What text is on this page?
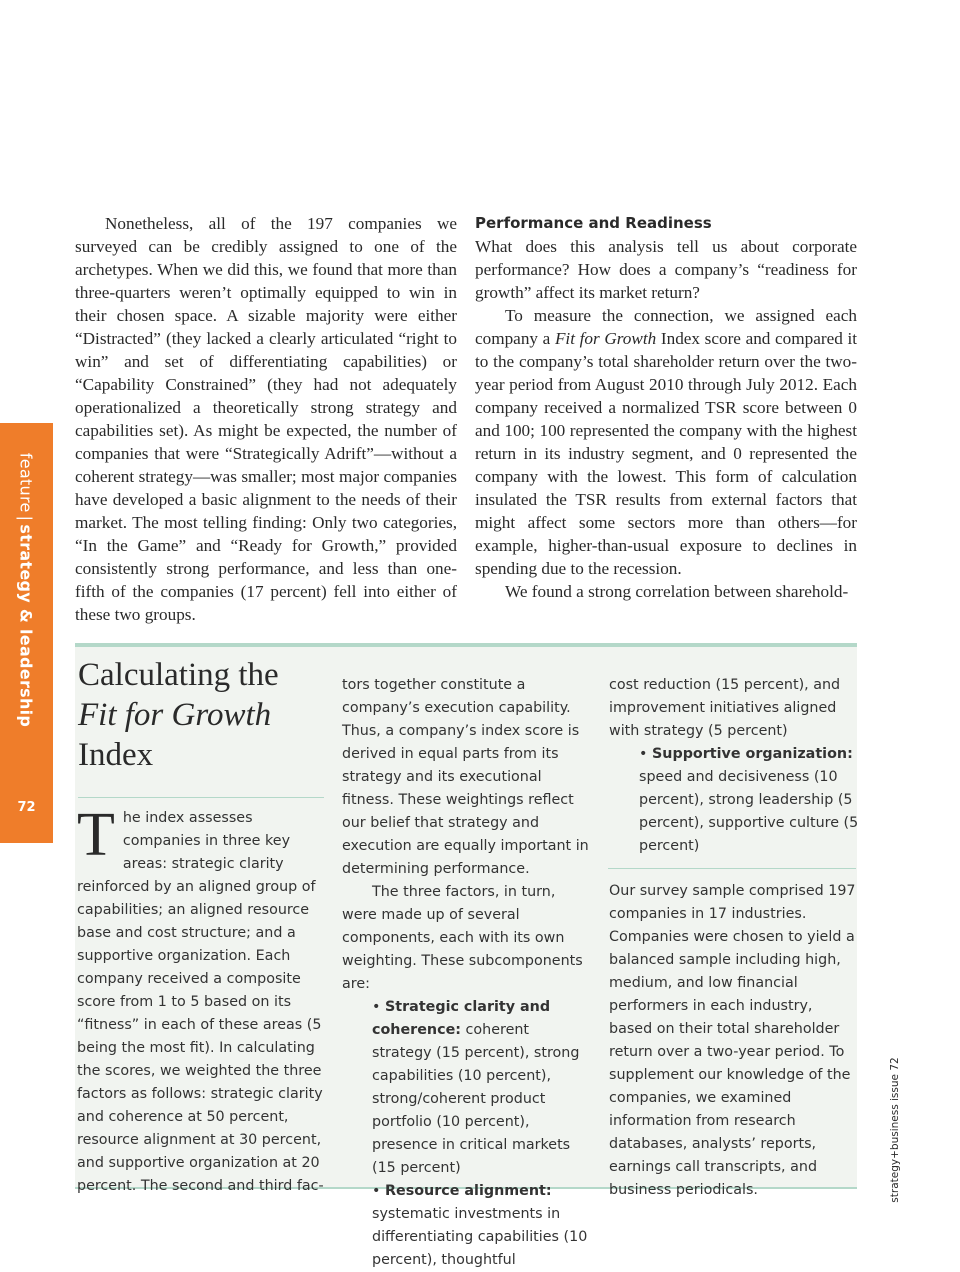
feature|strategy & leadership
72

Nonetheless, all of the 197 companies we surveyed can be credibly assigned to one of the archetypes. When we did this, we found that more than three-quarters weren’t optimally equipped to win in their chosen space. A sizable majority were either “Distracted” (they lacked a clearly articulated “right to win” and set of differentiating capabilities) or “Capability Constrained” (they had not adequately operationalized a theoretically strong strategy and capabilities set). As might be expected, the number of companies that were “Strategically Adrift”—without a coherent strategy—was smaller; most major companies have developed a basic alignment to the needs of their market. The most telling finding: Only two categories, “In the Game” and “Ready for Growth,” provided consistently strong performance, and less than one-fifth of the companies (17 percent) fell into either of these two groups.

Performance and Readiness

What does this analysis tell us about corporate performance? How does a company’s “readiness for growth” affect its market return?

To measure the connection, we assigned each company a Fit for Growth Index score and compared it to the company’s total shareholder return over the two-year period from August 2010 through July 2012. Each company received a normalized TSR score between 0 and 100; 100 represented the company with the highest return in its industry segment, and 0 represented the company with the lowest. This form of calculation insulated the TSR results from external factors that might affect some sectors more than others—for example, higher-than-usual exposure to declines in spending due to the recession.

We found a strong correlation between sharehold-

Calculating the
Fit for Growth
Index

The index assesses companies in three key areas: strategic clarity reinforced by an aligned group of capabilities; an aligned resource base and cost structure; and a supportive organization. Each company received a composite score from 1 to 5 based on its “fitness” in each of these areas (5 being the most fit). In calculating the scores, we weighted the three factors as follows: strategic clarity and coherence at 50 percent, resource alignment at 30 percent, and supportive organization at 20 percent. The second and third fac-

tors together constitute a company’s execution capability. Thus, a company’s index score is derived in equal parts from its strategy and its executional fitness. These weightings reflect our belief that strategy and execution are equally important in determining performance.

The three factors, in turn, were made up of several components, each with its own weighting. These subcomponents are:

• Strategic clarity and coherence: coherent strategy (15 percent), strong capabilities (10 percent), strong/coherent product portfolio (10 percent), presence in critical markets (15 percent)

• Resource alignment: systematic investments in differentiating capabilities (10 percent), thoughtful

cost reduction (15 percent), and improvement initiatives aligned with strategy (5 percent)

• Supportive organization: speed and decisiveness (10 percent), strong leadership (5 percent), supportive culture (5 percent)

Our survey sample comprised 197 companies in 17 industries. Companies were chosen to yield a balanced sample including high, medium, and low financial performers in each industry, based on their total shareholder return over a two-year period. To supplement our knowledge of the companies, we examined information from research databases, analysts’ reports, earnings call transcripts, and business periodicals.	strategy+business issue 72
